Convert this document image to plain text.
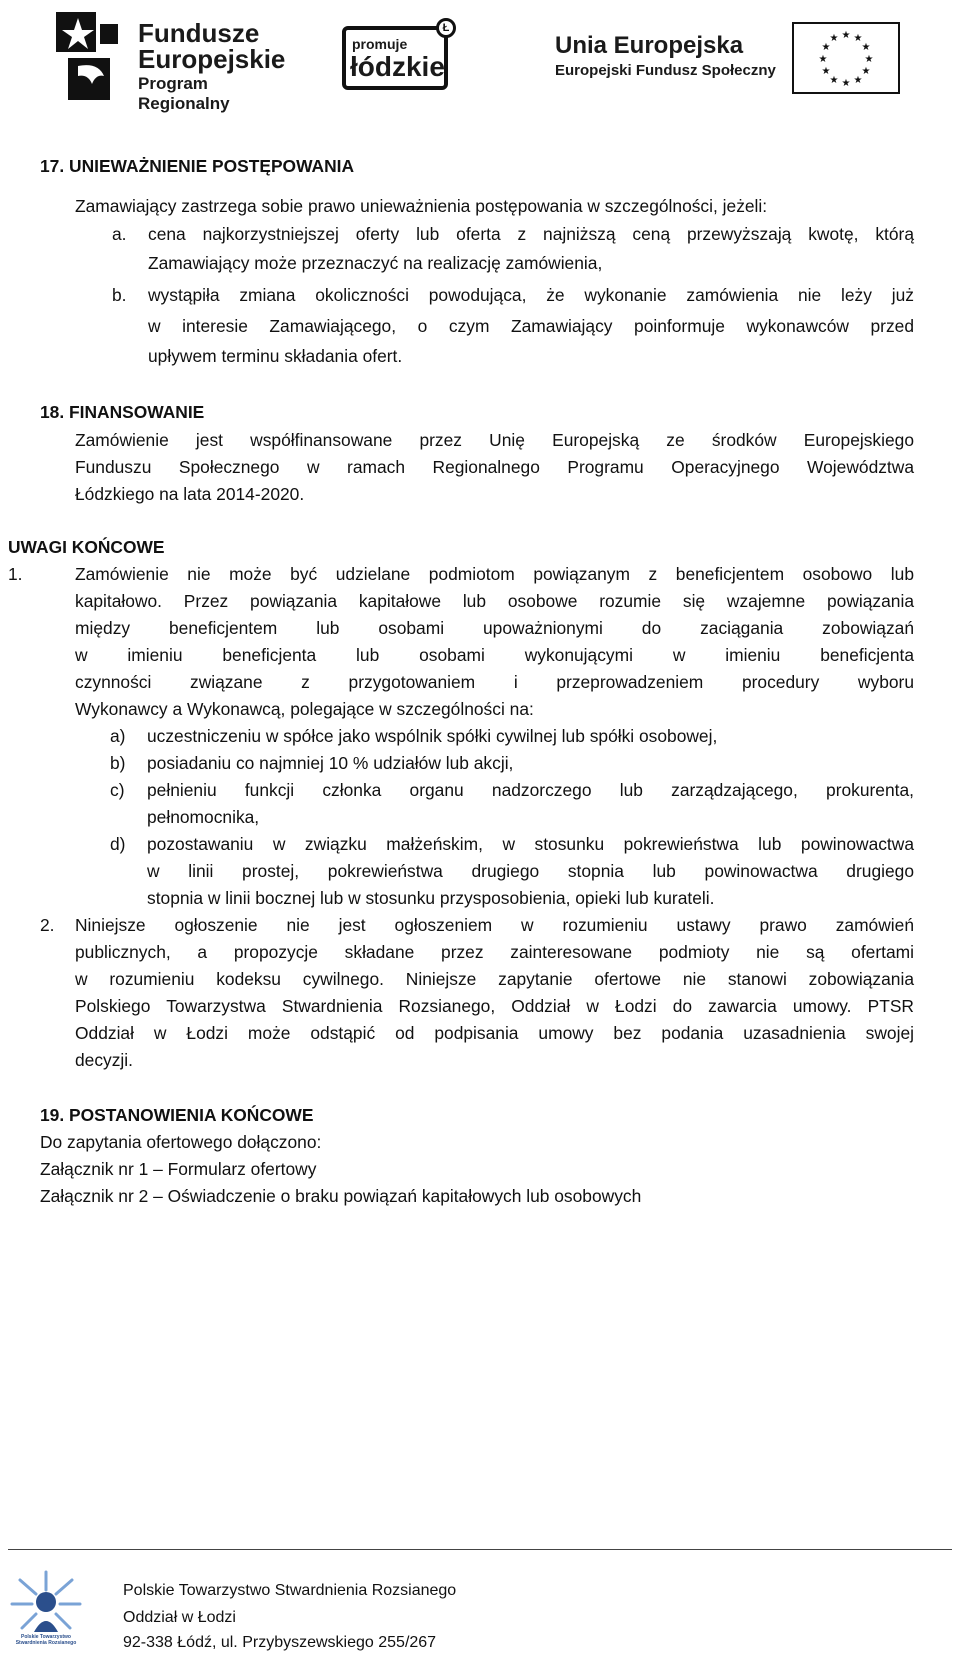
Fundusze
Europejskie
Program Regionalny
Ł
promuje
łódzkie
Unia Europejska
Europejski Fundusz Społeczny
★ ★
★
★
★
★
★
★
★
★
★
★
17. UNIEWAŻNIENIE POSTĘPOWANIA
Zamawiający zastrzega sobie prawo unieważnienia postępowania w szczególności, jeżeli:
a. cena najkorzystniejszej oferty lub oferta z najniższą ceną przewyższają kwotę, którą
Zamawiający może przeznaczyć na realizację zamówienia,
b. wystąpiła zmiana okoliczności powodująca, że wykonanie zamówienia nie leży już
w interesie Zamawiającego, o czym Zamawiający poinformuje wykonawców przed
upływem terminu składania ofert.
18. FINANSOWANIE
Zamówienie jest współfinansowane przez Unię Europejską ze środków Europejskiego
Funduszu Społecznego w ramach Regionalnego Programu Operacyjnego Województwa
Łódzkiego na lata 2014-2020.
UWAGI KOŃCOWE
1.	Zamówienie nie może być udzielane podmiotom powiązanym z beneficjentem osobowo lub
kapitałowo. Przez powiązania kapitałowe lub osobowe rozumie się wzajemne powiązania
między beneficjentem lub osobami upoważnionymi do zaciągania zobowiązań
w imieniu beneficjenta lub osobami wykonującymi w imieniu beneficjenta
czynności związane z przygotowaniem i przeprowadzeniem procedury wyboru
Wykonawcy a Wykonawcą, polegające w szczególności na:
a) uczestniczeniu w spółce jako wspólnik spółki cywilnej lub spółki osobowej,
b) posiadaniu co najmniej 10 % udziałów lub akcji,
c) pełnieniu funkcji członka organu nadzorczego lub zarządzającego, prokurenta,
pełnomocnika,
d) pozostawaniu w związku małżeńskim, w stosunku pokrewieństwa lub powinowactwa
w linii prostej, pokrewieństwa drugiego stopnia lub powinowactwa drugiego
stopnia w linii bocznej lub w stosunku przysposobienia, opieki lub kurateli.
2. Niniejsze ogłoszenie nie jest ogłoszeniem w rozumieniu ustawy prawo zamówień
publicznych, a propozycje składane przez zainteresowane podmioty nie są ofertami
w rozumieniu kodeksu cywilnego. Niniejsze zapytanie ofertowe nie stanowi zobowiązania
Polskiego Towarzystwa Stwardnienia Rozsianego, Oddział w Łodzi do zawarcia umowy. PTSR
Oddział w Łodzi może odstąpić od podpisania umowy bez podania uzasadnienia swojej
decyzji.
19. POSTANOWIENIA KOŃCOWE
Do zapytania ofertowego dołączono:
Załącznik nr 1 – Formularz ofertowy
Załącznik nr 2 – Oświadczenie o braku powiązań kapitałowych lub osobowych
Polskie Towarzystwo Stwardnienia Rozsianego
Polskie Towarzystwo Stwardnienia Rozsianego
Oddział w Łodzi
92-338 Łódź, ul. Przybyszewskiego 255/267
